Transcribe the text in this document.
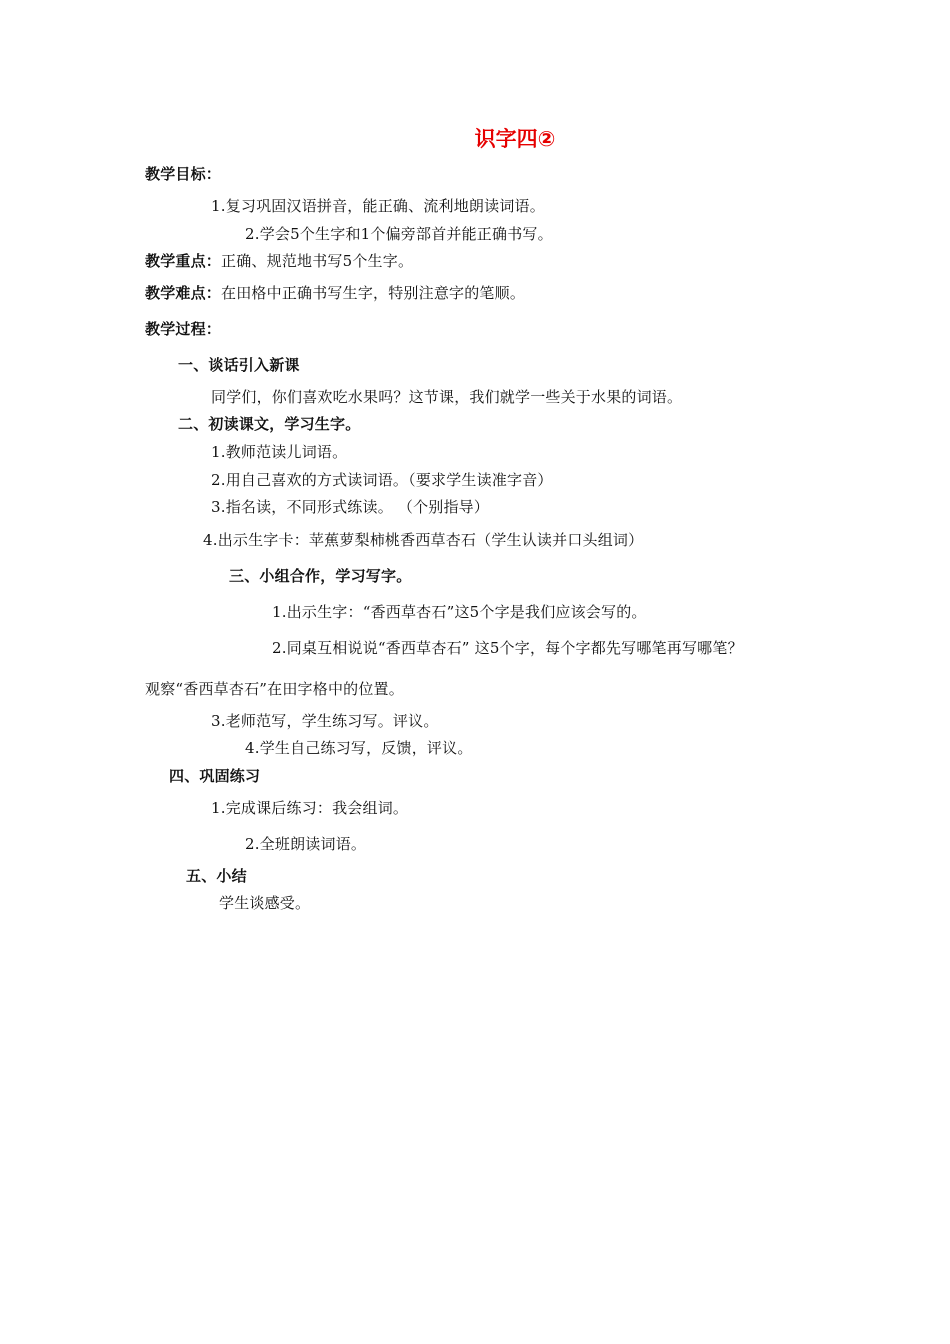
识字四②
教学目标：
1.复习巩固汉语拼音，能正确、流利地朗读词语。
2.学会5个生字和1个偏旁部首并能正确书写。
教学重点：正确、规范地书写5个生字。
教学难点：在田格中正确书写生字，特别注意字的笔顺。
教学过程：
一、谈话引入新课
同学们，你们喜欢吃水果吗？这节课，我们就学一些关于水果的词语。
二、初读课文，学习生字。
1.教师范读儿词语。
2.用自己喜欢的方式读词语。（要求学生读准字音）
3.指名读，不同形式练读。 （个别指导）
4.出示生字卡：苹蕉萝梨柿桃香西草杏石（学生认读并口头组词）
三、小组合作，学习写字。
1.出示生字：“香西草杏石”这5个字是我们应该会写的。
2.同桌互相说说“香西草杏石” 这5个字，每个字都先写哪笔再写哪笔？
观察“香西草杏石”在田字格中的位置。
3.老师范写，学生练习写。评议。
4.学生自己练习写，反馈，评议。
四、巩固练习
1.完成课后练习：我会组词。
2.全班朗读词语。
五、小结
学生谈感受。
